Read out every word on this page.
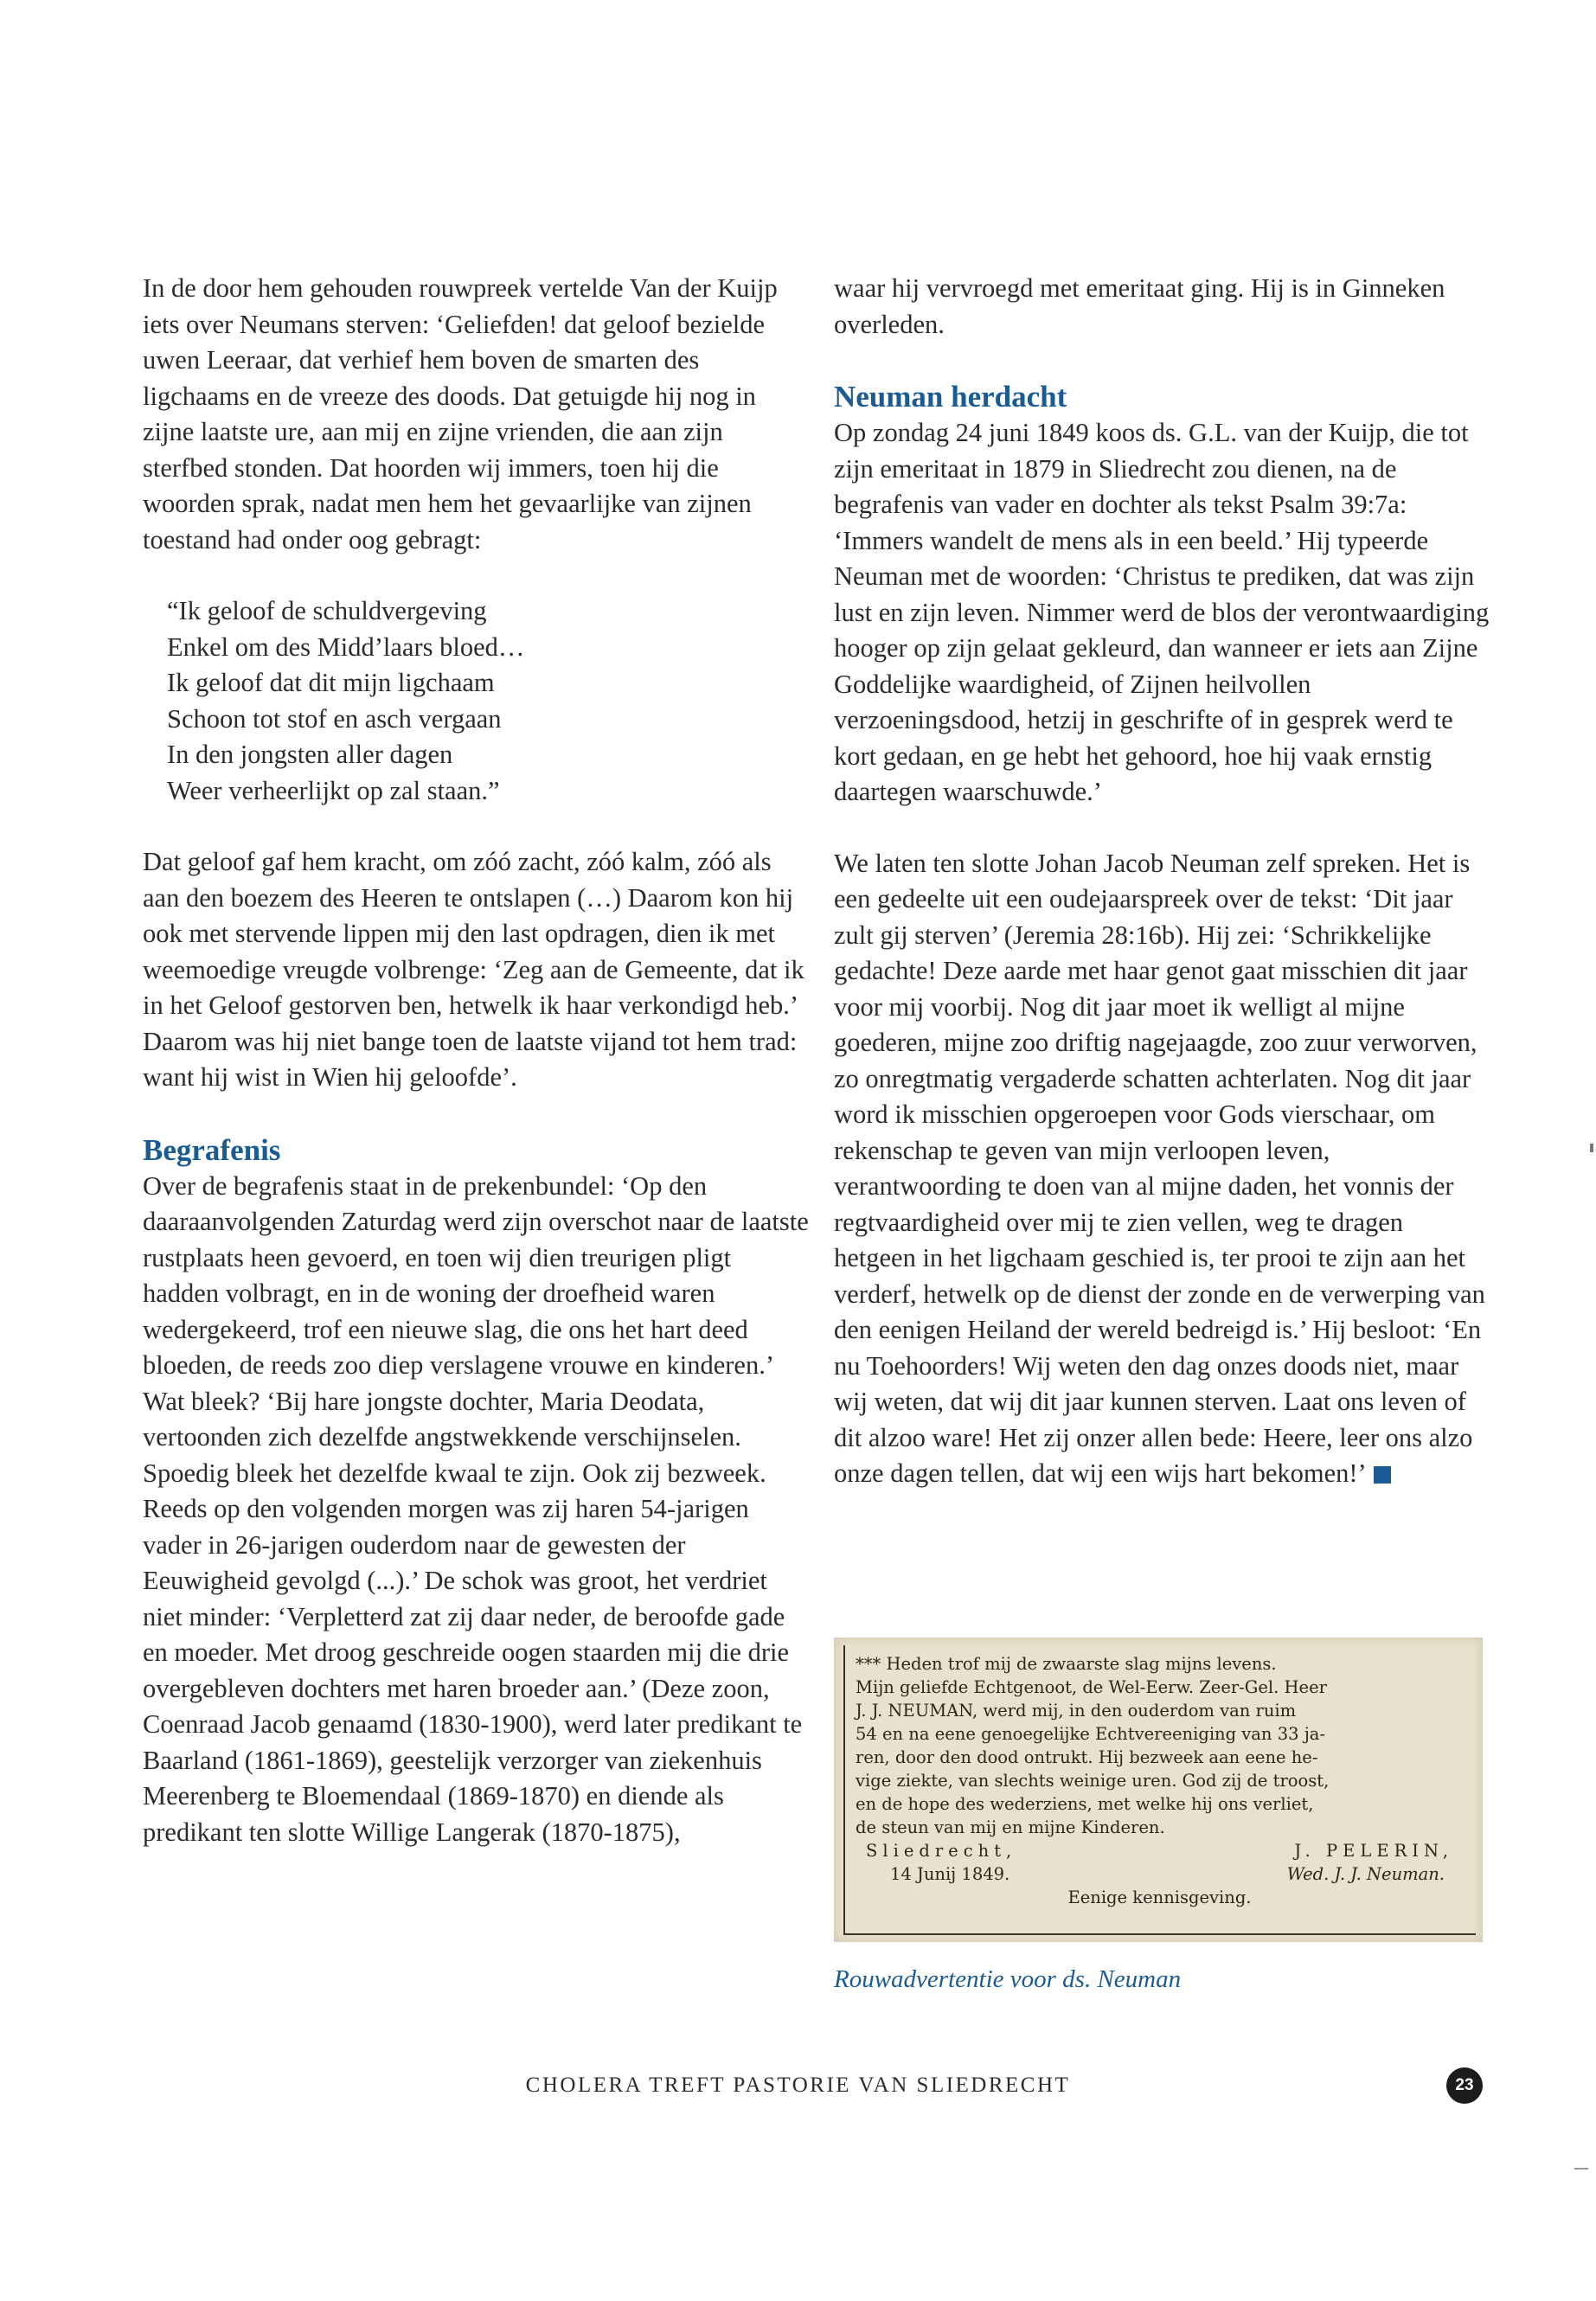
In de door hem gehouden rouwpreek vertelde Van der Kuijp iets over Neumans sterven: ‘Geliefden! dat geloof bezielde uwen Leeraar, dat verhief hem boven de smarten des ligchaams en de vreeze des doods. Dat getuigde hij nog in zijne laatste ure, aan mij en zijne vrienden, die aan zijn sterfbed stonden. Dat hoorden wij immers, toen hij die woorden sprak, nadat men hem het gevaarlijke van zijnen toestand had onder oog gebragt:

“Ik geloof de schuldvergeving
Enkel om des Midd’laars bloed…
Ik geloof dat dit mijn ligchaam
Schoon tot stof en asch vergaan
In den jongsten aller dagen
Weer verheerlijkt op zal staan.”

Dat geloof gaf hem kracht, om zóó zacht, zóó kalm, zóó als aan den boezem des Heeren te ontslapen (…) Daarom kon hij ook met stervende lippen mij den last opdragen, dien ik met weemoedige vreugde volbrenge: ‘Zeg aan de Gemeente, dat ik in het Geloof gestorven ben, hetwelk ik haar verkondigd heb.’ Daarom was hij niet bange toen de laatste vijand tot hem trad: want hij wist in Wien hij geloofde’.

Begrafenis

Over de begrafenis staat in de prekenbundel: ‘Op den daaraanvolgenden Zaturdag werd zijn overschot naar de laatste rustplaats heen gevoerd, en toen wij dien treurigen pligt hadden volbragt, en in de woning der droefheid waren wedergekeerd, trof een nieuwe slag, die ons het hart deed bloeden, de reeds zoo diep verslagene vrouwe en kinderen.’ Wat bleek? ‘Bij hare jongste dochter, Maria Deodata, vertoonden zich dezelfde angstwekkende verschijnselen. Spoedig bleek het dezelfde kwaal te zijn. Ook zij bezweek. Reeds op den volgenden morgen was zij haren 54-jarigen vader in 26-jarigen ouderdom naar de gewesten der Eeuwigheid gevolgd (...).’ De schok was groot, het verdriet niet minder: ‘Verpletterd zat zij daar neder, de beroofde gade en moeder. Met droog geschreide oogen staarden mij die drie overgebleven dochters met haren broeder aan.’ (Deze zoon, Coenraad Jacob genaamd (1830-1900), werd later predikant te Baarland (1861-1869), geestelijk verzorger van ziekenhuis Meerenberg te Bloemendaal (1869-1870) en diende als predikant ten slotte Willige Langerak (1870-1875),

waar hij vervroegd met emeritaat ging. Hij is in Ginneken overleden.

Neuman herdacht

Op zondag 24 juni 1849 koos ds. G.L. van der Kuijp, die tot zijn emeritaat in 1879 in Sliedrecht zou dienen, na de begrafenis van vader en dochter als tekst Psalm 39:7a: ‘Immers wandelt de mens als in een beeld.’ Hij typeerde Neuman met de woorden: ‘Christus te prediken, dat was zijn lust en zijn leven. Nimmer werd de blos der verontwaardiging hooger op zijn gelaat gekleurd, dan wanneer er iets aan Zijne Goddelijke waardigheid, of Zijnen heilvollen verzoeningsdood, hetzij in geschrifte of in gesprek werd te kort gedaan, en ge hebt het gehoord, hoe hij vaak ernstig daartegen waarschuwde.’

We laten ten slotte Johan Jacob Neuman zelf spreken. Het is een gedeelte uit een oudejaarspreek over de tekst: ‘Dit jaar zult gij sterven’ (Jeremia 28:16b). Hij zei: ‘Schrikkelijke gedachte! Deze aarde met haar genot gaat misschien dit jaar voor mij voorbij. Nog dit jaar moet ik welligt al mijne goederen, mijne zoo driftig nagejaagde, zoo zuur verworven, zo onregtmatig vergaderde schatten achterlaten. Nog dit jaar word ik misschien opgeroepen voor Gods vierschaar, om rekenschap te geven van mijn verloopen leven, verantwoording te doen van al mijne daden, het vonnis der regtvaardigheid over mij te zien vellen, weg te dragen hetgeen in het ligchaam geschied is, ter prooi te zijn aan het verderf, hetwelk op de dienst der zonde en de verwerping van den eenigen Heiland der wereld bedreigd is.’ Hij besloot: ‘En nu Toehoorders! Wij weten den dag onzes doods niet, maar wij weten, dat wij dit jaar kunnen sterven. Laat ons leven of dit alzoo ware! Het zij onzer allen bede: Heere, leer ons alzo onze dagen tellen, dat wij een wijs hart bekomen!’

*** Heden trof mij de zwaarste slag mijns levens.
Mijn geliefde Echtgenoot, de Wel-Eerw. Zeer-Gel. Heer
J. J. NEUMAN, werd mij, in den ouderdom van ruim
54 en na eene genoegelijke Echtvereeniging van 33 ja-
ren, door den dood ontrukt. Hij bezweek aan eene he-
vige ziekte, van slechts weinige uren. God zij de troost,
en de hope des wederziens, met welke hij ons verliet,
de steun van mij en mijne Kinderen.
Sliedrecht,	J. PELERIN,
14 Junij 1849.	Wed. J. J. Neuman.
Eenige kennisgeving.
Rouwadvertentie voor ds. Neuman
CHOLERA TREFT PASTORIE VAN SLIEDRECHT	23
